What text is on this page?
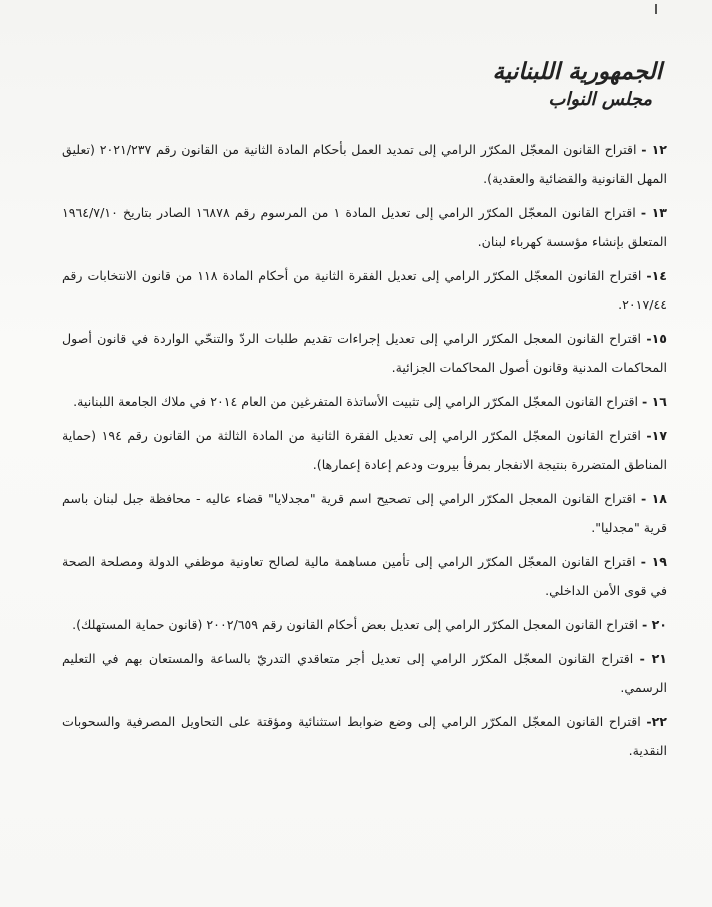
الجمهورية اللبنانية
مجلس النواب
١٢ - اقتراح القانون المعجّل المكرّر الرامي إلى تمديد العمل بأحكام المادة الثانية من القانون رقم ٢٠٢١/٢٣٧ (تعليق المهل القانونية والقضائية والعقدية).
١٣ - اقتراح القانون المعجّل المكرّر الرامي إلى تعديل المادة ١ من المرسوم رقم ١٦٨٧٨ الصادر بتاريخ ١٩٦٤/٧/١٠ المتعلق بإنشاء مؤسسة كهرباء لبنان.
١٤- اقتراح القانون المعجّل المكرّر الرامي إلى تعديل الفقرة الثانية من أحكام المادة ١١٨ من قانون الانتخابات رقم ٢٠١٧/٤٤.
١٥- اقتراح القانون المعجل المكرّر الرامي إلى تعديل إجراءات تقديم طلبات الردّ والتنحّي الواردة في قانون أصول المحاكمات المدنية وقانون أصول المحاكمات الجزائية.
١٦ - اقتراح القانون المعجّل المكرّر الرامي إلى تثبيت الأساتذة المتفرغين من العام ٢٠١٤ في ملاك الجامعة اللبنانية.
١٧- اقتراح القانون المعجّل المكرّر الرامي إلى تعديل الفقرة الثانية من المادة الثالثة من القانون رقم ١٩٤ (حماية المناطق المتضررة بنتيجة الانفجار بمرفأ بيروت ودعم إعادة إعمارها).
١٨ - اقتراح القانون المعجل المكرّر الرامي إلى تصحيح اسم قرية "مجدلايا" قضاء عاليه - محافظة جبل لبنان باسم قرية "مجدليا".
١٩ - اقتراح القانون المعجّل المكرّر الرامي إلى تأمين مساهمة مالية لصالح تعاونية موظفي الدولة ومصلحة الصحة في قوى الأمن الداخلي.
٢٠ - اقتراح القانون المعجل المكرّر الرامي إلى تعديل بعض أحكام القانون رقم ٢٠٠٢/٦٥٩ (قانون حماية المستهلك).
٢١ - اقتراح القانون المعجّل المكرّر الرامي إلى تعديل أجر متعاقدي التدريّ بالساعة والمستعان بهم في التعليم الرسمي.
٢٢- اقتراح القانون المعجّل المكرّر الرامي إلى وضع ضوابط استثنائية ومؤقتة على التحاويل المصرفية والسحوبات النقدية.
